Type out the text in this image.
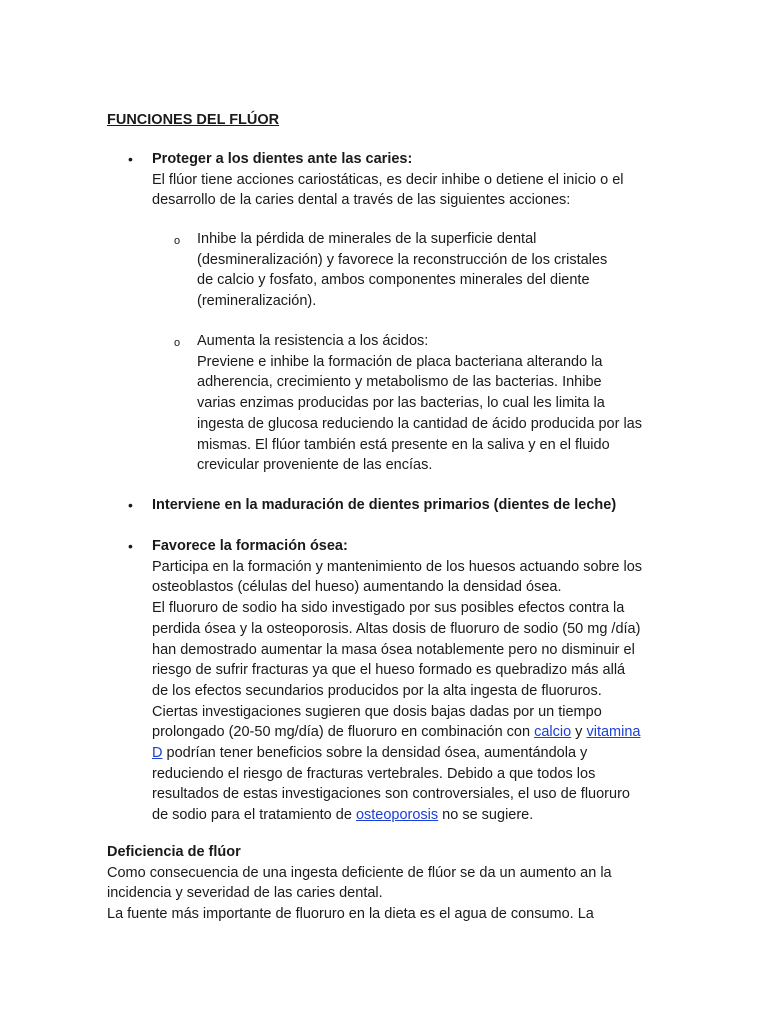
FUNCIONES DEL FLÚOR
• Proteger a los dientes ante las caries:
El flúor tiene acciones cariostáticas, es decir inhibe o detiene el inicio o el
desarrollo de la caries dental a través de las siguientes acciones:
o Inhibe la pérdida de minerales de la superficie dental
(desmineralización) y favorece la reconstrucción de los cristales
de calcio y fosfato, ambos componentes minerales del diente
(remineralización).
o Aumenta la resistencia a los ácidos:
Previene e inhibe la formación de placa bacteriana alterando la
adherencia, crecimiento y metabolismo de las bacterias. Inhibe
varias enzimas producidas por las bacterias, lo cual les limita la
ingesta de glucosa reduciendo la cantidad de ácido producida por las
mismas. El flúor también está presente en la saliva y en el fluido
crevicular proveniente de las encías.
• Interviene en la maduración de dientes primarios (dientes de leche)
• Favorece la formación ósea:
Participa en la formación y mantenimiento de los huesos actuando sobre los
osteoblastos (células del hueso) aumentando la densidad ósea.
El fluoruro de sodio ha sido investigado por sus posibles efectos contra la
perdida ósea y la osteoporosis. Altas dosis de fluoruro de sodio (50 mg /día)
han demostrado aumentar la masa ósea notablemente pero no disminuir el
riesgo de sufrir fracturas ya que el hueso formado es quebradizo más allá
de los efectos secundarios producidos por la alta ingesta de fluoruros.
Ciertas investigaciones sugieren que dosis bajas dadas por un tiempo
prolongado (20-50 mg/día) de fluoruro en combinación con calcio y vitamina
D podrían tener beneficios sobre la densidad ósea, aumentándola y
reduciendo el riesgo de fracturas vertebrales. Debido a que todos los
resultados de estas investigaciones son controversiales, el uso de fluoruro
de sodio para el tratamiento de osteoporosis no se sugiere.
Deficiencia de flúor
Como consecuencia de una ingesta deficiente de flúor se da un aumento an la
incidencia y severidad de las caries dental.
La fuente más importante de fluoruro en la dieta es el agua de consumo. La
